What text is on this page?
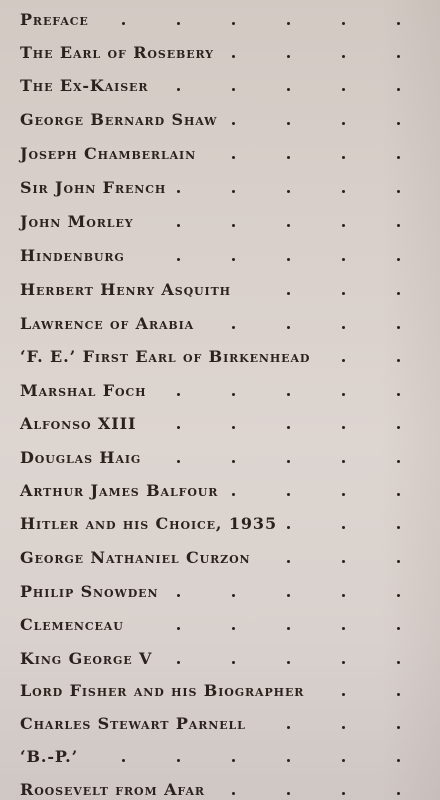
Preface
The Earl of Rosebery
The Ex-Kaiser
George Bernard Shaw
Joseph Chamberlain
Sir John French
John Morley
Hindenburg
Herbert Henry Asquith
Lawrence of Arabia
‘F. E.’ First Earl of Birkenhead
Marshal Foch
Alfonso XIII
Douglas Haig
Arthur James Balfour
Hitler and his Choice, 1935
George Nathaniel Curzon
Philip Snowden
Clemenceau
King George V
Lord Fisher and his Biographer
Charles Stewart Parnell
‘B.-P.’
Roosevelt from Afar
